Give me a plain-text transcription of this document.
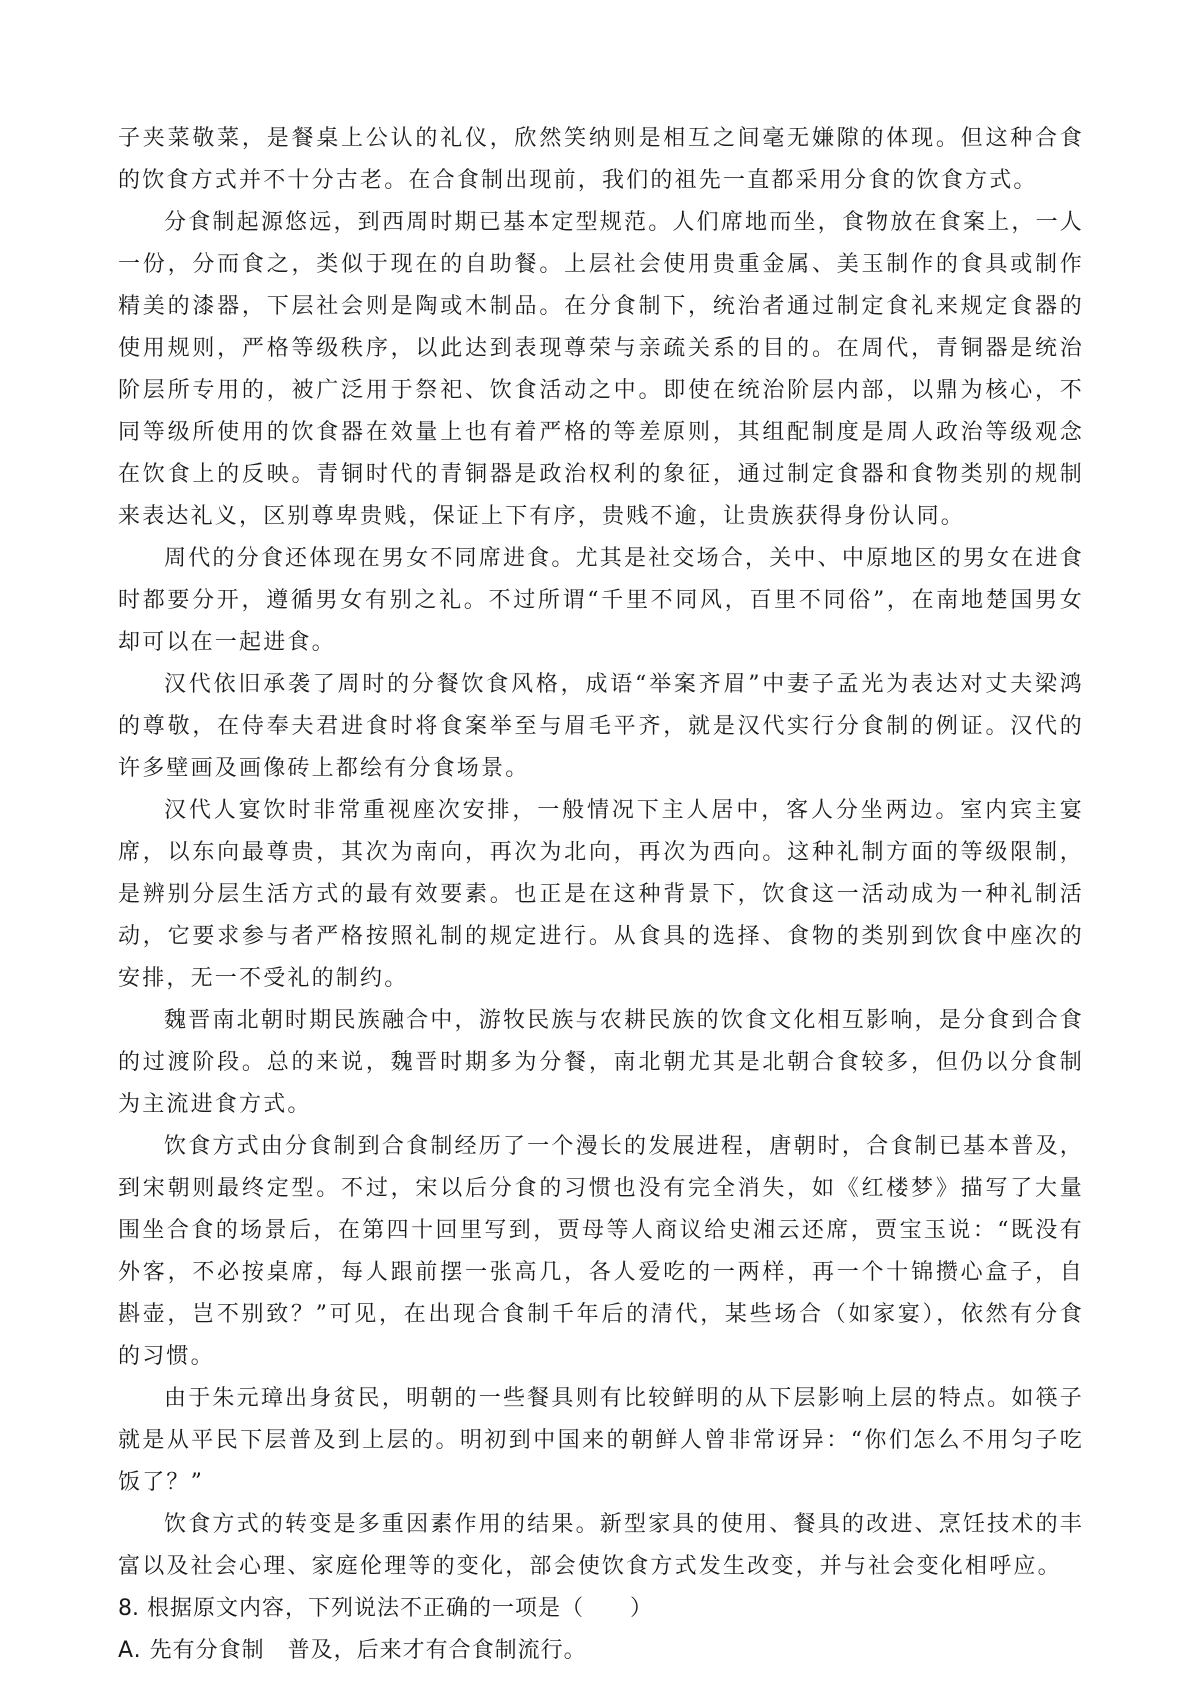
子夹菜敬菜，是餐桌上公认的礼仪，欣然笑纳则是相互之间毫无嫌隙的体现。但这种合食的饮食方式并不十分古老。在合食制出现前，我们的祖先一直都采用分食的饮食方式。

分食制起源悠远，到西周时期已基本定型规范。人们席地而坐，食物放在食案上，一人一份，分而食之，类似于现在的自助餐。上层社会使用贵重金属、美玉制作的食具或制作精美的漆器，下层社会则是陶或木制品。在分食制下，统治者通过制定食礼来规定食器的使用规则，严格等级秩序，以此达到表现尊荣与亲疏关系的目的。在周代，青铜器是统治阶层所专用的，被广泛用于祭祀、饮食活动之中。即使在统治阶层内部，以鼎为核心，不同等级所使用的饮食器在效量上也有着严格的等差原则，其组配制度是周人政治等级观念在饮食上的反映。青铜时代的青铜器是政治权利的象征，通过制定食器和食物类别的规制来表达礼义，区别尊卑贵贱，保证上下有序，贵贱不逾，让贵族获得身份认同。

周代的分食还体现在男女不同席进食。尤其是社交场合，关中、中原地区的男女在进食时都要分开，遵循男女有别之礼。不过所谓“千里不同风，百里不同俗”，在南地楚国男女却可以在一起进食。

汉代依旧承袭了周时的分餐饮食风格，成语“举案齐眉”中妻子孟光为表达对丈夫梁鸿的尊敬，在侍奉夫君进食时将食案举至与眉毛平齐，就是汉代实行分食制的例证。汉代的许多壁画及画像砖上都绘有分食场景。

汉代人宴饮时非常重视座次安排，一般情况下主人居中，客人分坐两边。室内宾主宴席，以东向最尊贵，其次为南向，再次为北向，再次为西向。这种礼制方面的等级限制，是辨别分层生活方式的最有效要素。也正是在这种背景下，饮食这一活动成为一种礼制活动，它要求参与者严格按照礼制的规定进行。从食具的选择、食物的类别到饮食中座次的安排，无一不受礼的制约。

魏晋南北朝时期民族融合中，游牧民族与农耕民族的饮食文化相互影响，是分食到合食的过渡阶段。总的来说，魏晋时期多为分餐，南北朝尤其是北朝合食较多，但仍以分食制为主流进食方式。

饮食方式由分食制到合食制经历了一个漫长的发展进程，唐朝时，合食制已基本普及，到宋朝则最终定型。不过，宋以后分食的习惯也没有完全消失，如《红楼梦》描写了大量围坐合食的场景后，在第四十回里写到，贾母等人商议给史湘云还席，贾宝玉说：“既没有外客，不必按桌席，每人跟前摆一张高几，各人爱吃的一两样，再一个十锦攒心盒子，自斟壶，岂不别致？”可见，在出现合食制千年后的清代，某些场合（如家宴），依然有分食的习惯。

由于朱元璋出身贫民，明朝的一些餐具则有比较鲜明的从下层影响上层的特点。如筷子就是从平民下层普及到上层的。明初到中国来的朝鲜人曾非常讶异：“你们怎么不用匀子吃饭了？”

饮食方式的转变是多重因素作用的结果。新型家具的使用、餐具的改进、烹饪技术的丰富以及社会心理、家庭伦理等的变化，部会使饮食方式发生改变，并与社会变化相呼应。

8. 根据原文内容，下列说法不正确的一项是（　　）

A. 先有分食制　普及，后来才有合食制流行。
